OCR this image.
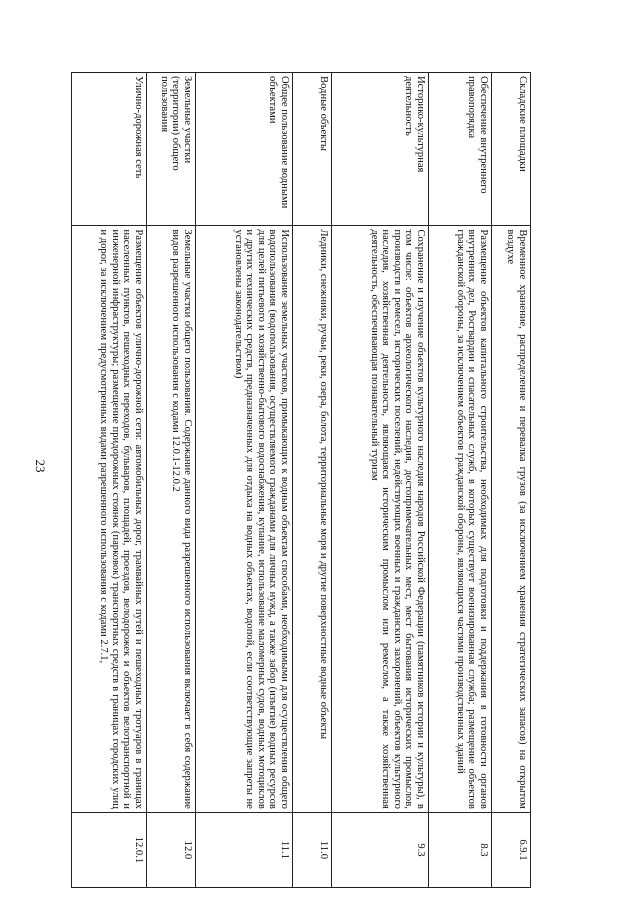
23
Складские площадки	Временное хранение, распределение и перевалка грузов (за исключением хранения стратегических запасов) на открытом воздухе	6.9.1
Обеспечение внутреннего правопорядка	Размещение объектов капитального строительства, необходимых для подготовки и поддержания в готовности органов внутренних дел, Росгвардии и спасательных служб, в которых существует военизированная служба; размещение объектов гражданской обороны, за исключением объектов гражданской обороны, являющихся частями производственных зданий	8.3
Историко-культурная деятельность	Сохранение и изучение объектов культурного наследия народов Российской Федерации (памятников истории и культуры), в том числе: объектов археологического наследия, достопримечательных мест, мест бытования исторических промыслов, производств и ремесел, исторических поселений, недействующих военных и гражданских захоронений, объектов культурного наследия, хозяйственная деятельность, являющаяся историческим промыслом или ремеслом, а также хозяйственная деятельность, обеспечивающая познавательный туризм	9.3
Водные объекты	Ледники, снежники, ручьи, реки, озера, болота, территориальные моря и другие поверхностные водные объекты	11.0
Общее пользование водными объектами	Использование земельных участков, примыкающих к водным объектам способами, необходимыми для осуществления общего водопользования (водопользования, осуществляемого гражданами для личных нужд, а также забор (изъятие) водных ресурсов для целей питьевого и хозяйственно-бытового водоснабжения, купание, использование маломерных судов, водных мотоциклов и других технических средств, предназначенных для отдыха на водных объектах, водопой, если соответствующие запреты не установлены законодательством)	11.1
Земельные участки (территории) общего пользования	Земельные участки общего пользования. Содержание данного вида разрешенного использования включает в себя содержание видов разрешенного использования с кодами 12.0.1-12.0.2	12.0
Улично-дорожная сеть	Размещение объектов улично-дорожной сети: автомобильных дорог, трамвайных путей и пешеходных тротуаров в границах населенных пунктов, пешеходных переходов, бульваров, площадей, проездов, велодорожек и объектов велотранспортной и инженерной инфраструктуры; размещение придорожных стоянок (парковок) транспортных средств в границах городских улиц и дорог, за исключением предусмотренных видами разрешенного использования с кодами 2.7.1,	12.0.1
